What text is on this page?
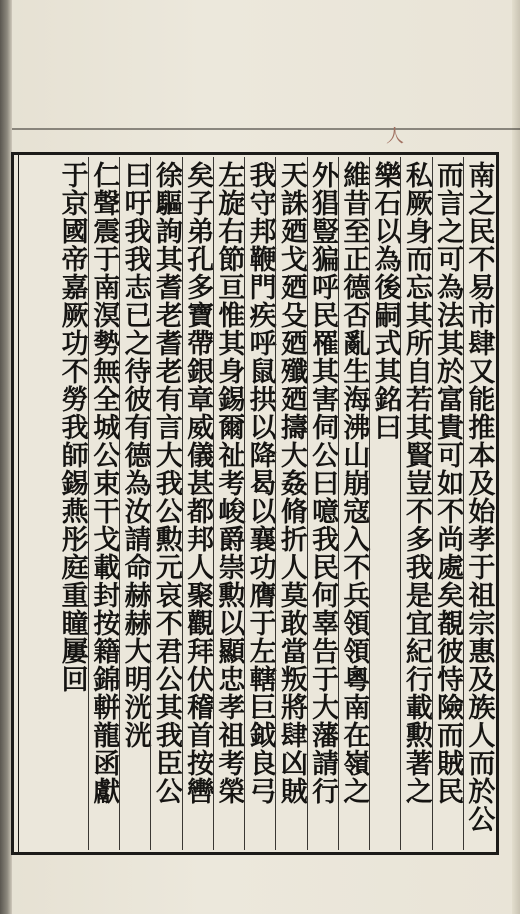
人
南之民不易市肆又能推本及始孝于祖宗惠及族人而於公
而言之可為法其於富貴可如不尚處矣覩彼恃險而賊民
私厥身而忘其所自若其賢豈不多我是宜紀行載勲著之
樂石以為後嗣式其銘曰
維昔至正德否亂生海沸山崩寇入不兵領領粵南在嶺之
外猖豎猵呼民罹其害伺公曰噫我民何辜告于大藩請行
天誅廼戈廼殳廼殲廼擣大姦脩折人莫敢當叛將肆凶賊
我守邦鞭門疾呼鼠拱以降曷以襄功膺于左轄巨鉞良弓
左旋右節亘惟其身錫爾祉考峻爵崇勲以顯忠孝祖考榮
矣子弟孔多寶帶銀章威儀甚都邦人聚觀拜伏稽首按轡
徐驅詢其耆老耆老有言大我公勲元哀不君公其我臣公
曰吁我我志已之待彼有德為汝請命赫赫大明洸洸
仁聲震于南溟勢無全城公束干戈載封按籍錦軿龍函獻
于京國帝嘉厥功不勞我師錫燕彤庭重瞳屢回
